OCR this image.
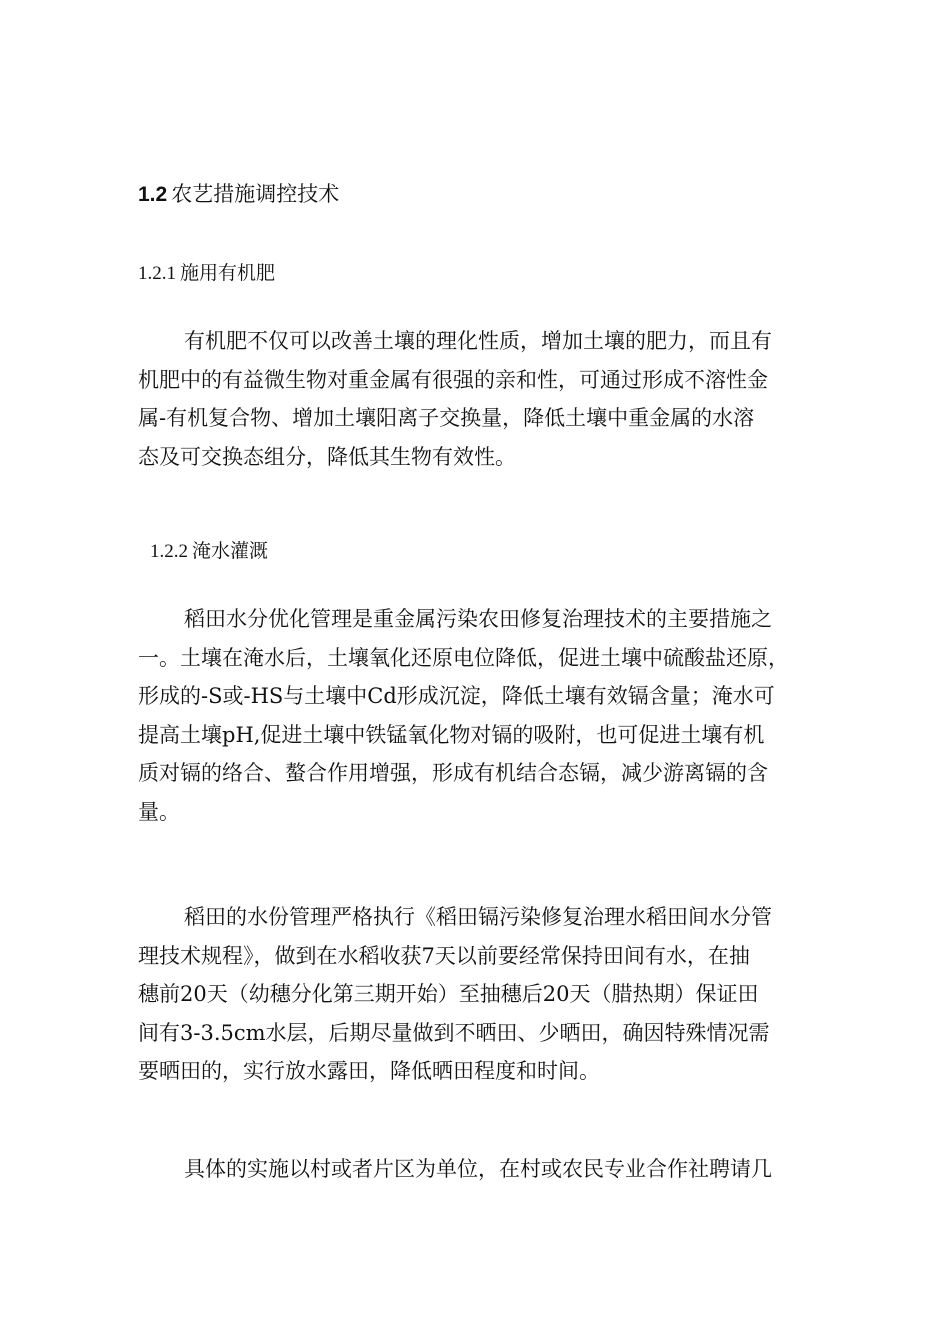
1.2 农艺措施调控技术
1.2.1 施用有机肥
有机肥不仅可以改善土壤的理化性质，增加土壤的肥力，而且有
机肥中的有益微生物对重金属有很强的亲和性，可通过形成不溶性金
属-有机复合物、增加土壤阳离子交换量，降低土壤中重金属的水溶
态及可交换态组分，降低其生物有效性。
1.2.2 淹水灌溉
稻田水分优化管理是重金属污染农田修复治理技术的主要措施之
一。土壤在淹水后，土壤氧化还原电位降低，促进土壤中硫酸盐还原，
形成的-S或-HS与土壤中Cd形成沉淀，降低土壤有效镉含量；淹水可
提高土壤pH,促进土壤中铁锰氧化物对镉的吸附，也可促进土壤有机
质对镉的络合、螯合作用增强，形成有机结合态镉，减少游离镉的含
量。
稻田的水份管理严格执行《稻田镉污染修复治理水稻田间水分管
理技术规程》，做到在水稻收获7天以前要经常保持田间有水，在抽
穗前20天（幼穗分化第三期开始）至抽穗后20天（腊热期）保证田
间有3-3.5cm水层，后期尽量做到不晒田、少晒田，确因特殊情况需
要晒田的，实行放水露田，降低晒田程度和时间。
具体的实施以村或者片区为单位，在村或农民专业合作社聘请几
